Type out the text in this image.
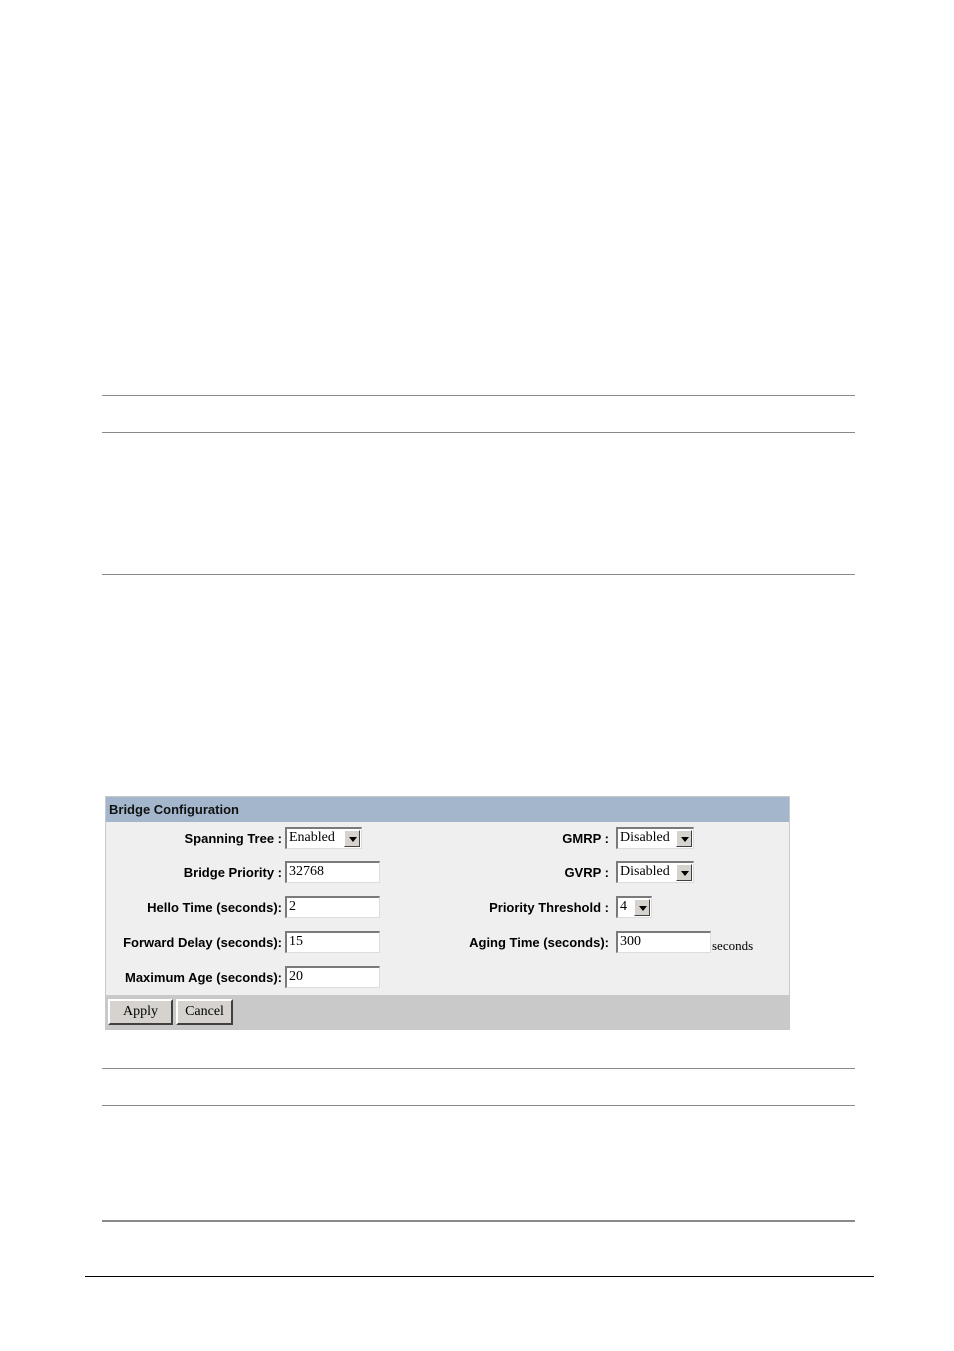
Bridge Configuration
Spanning Tree : Enabled
Bridge Priority : 32768
Hello Time (seconds): 2
Forward Delay (seconds): 15
Maximum Age (seconds): 20
GMRP : Disabled
GVRP : Disabled
Priority Threshold : 4
Aging Time (seconds): 300	seconds
Apply	Cancel
